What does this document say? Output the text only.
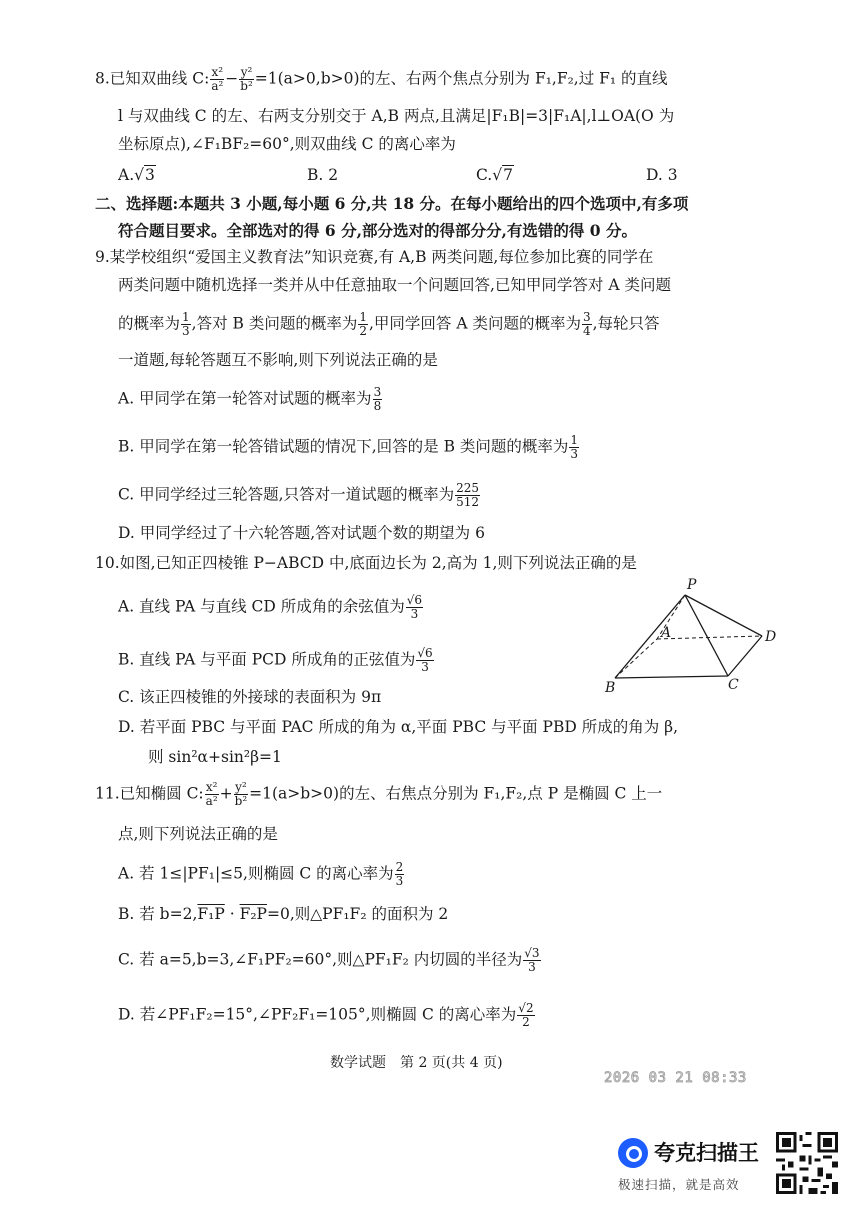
8.已知双曲线 C: $\frac{\text{x²}}{\text{a²}} - \frac{\text{y²}}{\text{b²}} =1(a>0,b>0)$的左、右两个焦点分别为 F₁,F₂,过 F₁ 的直线
l 与双曲线 C 的左、右两支分别交于 A,B 两点,且满足|F₁B|=3|F₁A|,l⊥OA(O 为
坐标原点),∠F₁BF₂=60°,则双曲线 C 的离心率为
A.√3	B. 2	C.√7	D. 3
二、选择题:本题共 3 小题,每小题 6 分,共 18 分。在每小题给出的四个选项中,有多项
符合题目要求。全部选对的得 6 分,部分选对的得部分分,有选错的得 0 分。
9.某学校组织“爱国主义教育法”知识竞赛,有 A,B 两类问题,每位参加比赛的同学在
两类问题中随机选择一类并从中任意抽取一个问题回答,已知甲同学答对 A 类问题
的概率为 $\frac{1}{3}$ ,答对 B 类问题的概率为 $\frac{1}{2}$ ,甲同学回答 A 类问题的概率为 $\frac{3}{4}$ ,每轮只答
一道题,每轮答题互不影响,则下列说法正确的是
A. 甲同学在第一轮答对试题的概率为 $\frac{3}{8}$
B. 甲同学在第一轮答错试题的情况下,回答的是 B 类问题的概率为 $\frac{1}{3}$
C. 甲同学经过三轮答题,只答对一道试题的概率为 $\frac{225}{512}$
D. 甲同学经过了十六轮答题,答对试题个数的期望为 6
10.如图,已知正四棱锥 P−ABCD 中,底面边长为 2,高为 1,则下列说法正确的是
A. 直线 PA 与直线 CD 所成角的余弦值为 $\frac{√6}{3}$
B. 直线 PA 与平面 PCD 所成角的正弦值为 $\frac{√6}{3}$
C. 该正四棱锥的外接球的表面积为 9π
D. 若平面 PBC 与平面 PAC 所成的角为 α,平面 PBC 与平面 PBD 所成的角为 β,
则 sin²α+sin²β=1
P
A	D
B	C
11.已知椭圆 C: $\frac{\text{x²}}{\text{a²}} + \frac{\text{y²}}{\text{b²}} =1(a>b>0)$的左、右焦点分别为 F₁,F₂,点 P 是椭圆 C 上一
点,则下列说法正确的是
A. 若 1≤|PF₁|≤5,则椭圆 C 的离心率为 $\frac{2}{3}$
B. 若 b=2,F₁P · F₂P=0,则△PF₁F₂ 的面积为 2
C. 若 a=5,b=3,∠F₁PF₂=60°,则△PF₁F₂ 内切圆的半径为 $\frac{√3}{3}$
D. 若∠PF₁F₂=15°,∠PF₂F₁=105°,则椭圆 C 的离心率为 $\frac{√2}{2}$
数学试题　第 2 页(共 4 页)
2026 03 21 08:33
夸克扫描王
极速扫描，就是高效
